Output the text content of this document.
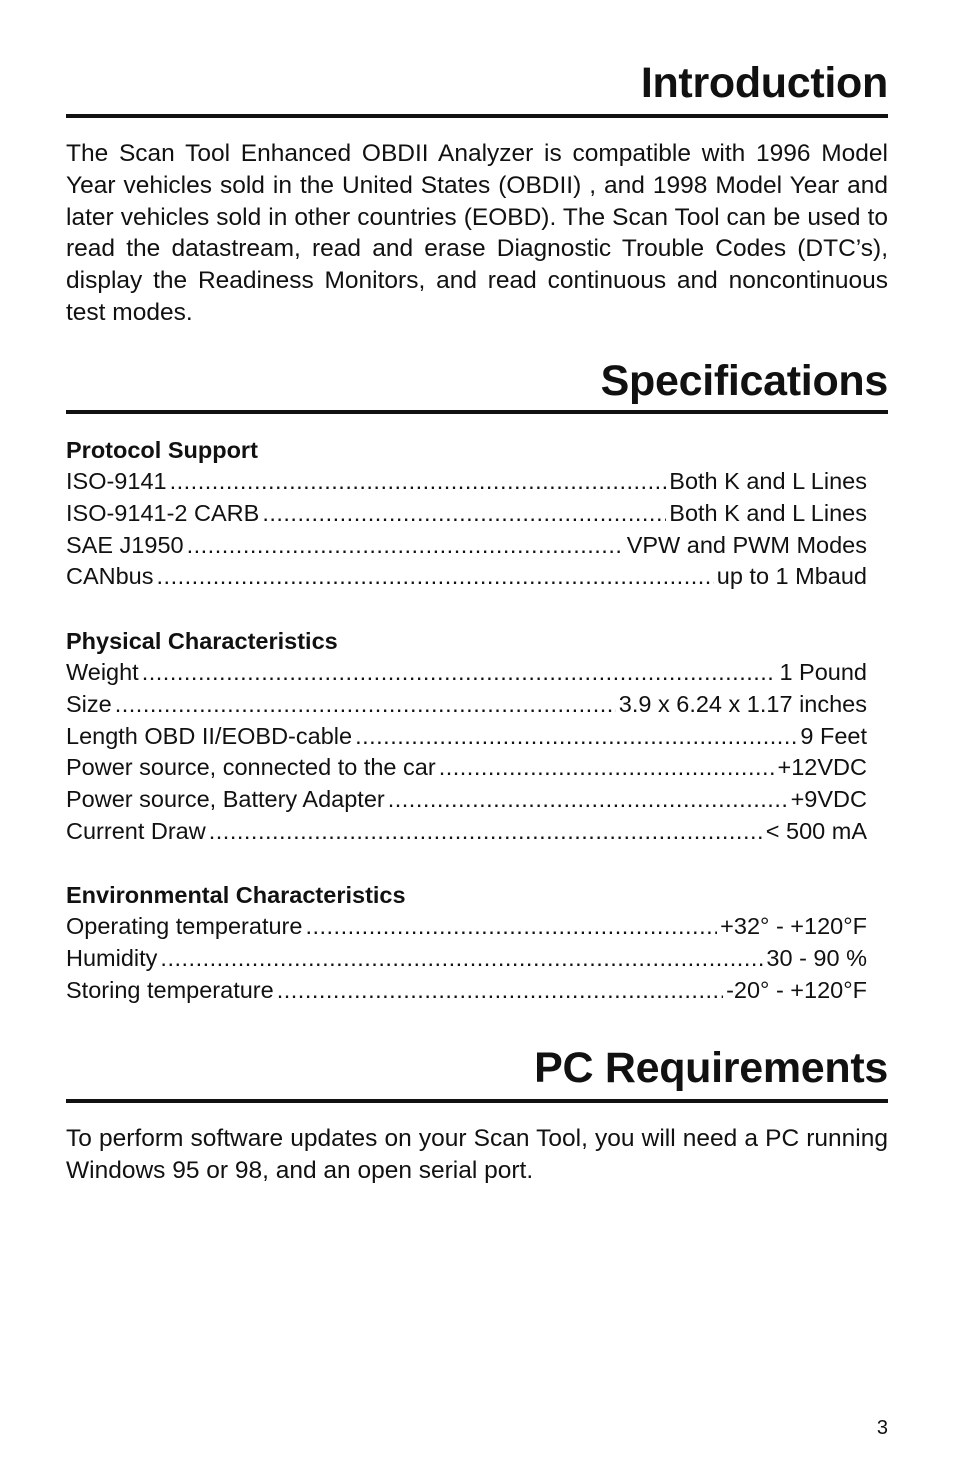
Introduction

The Scan Tool Enhanced OBDII Analyzer is compatible with 1996 Model Year vehicles sold in the United States (OBDII) , and 1998 Model Year and later vehicles sold in other countries (EOBD). The Scan Tool can be used to read the datastream, read and erase Diagnostic Trouble Codes (DTC’s), display the Readiness Monitors, and read continuous and noncontinuous test modes.

Specifications
Protocol Support
ISO-9141 .....	Both K and L Lines
ISO-9141-2 CARB .....	Both K and L Lines
SAE J1950 .....	VPW and PWM Modes
CANbus .....	up to 1 Mbaud
Physical Characteristics
Weight .....	1 Pound
Size .....	3.9 x 6.24 x 1.17 inches
Length OBD II/EOBD-cable .....	9 Feet
Power source, connected to the car .....	+12VDC
Power source, Battery Adapter .....	+9VDC
Current Draw .....	< 500 mA
Environmental Characteristics
Operating temperature .....	+32° - +120°F
Humidity .....	30 - 90 %
Storing temperature .....	-20° - +120°F
PC Requirements

To perform software updates on your Scan Tool, you will need a PC running Windows 95 or 98, and an open serial port.

3
